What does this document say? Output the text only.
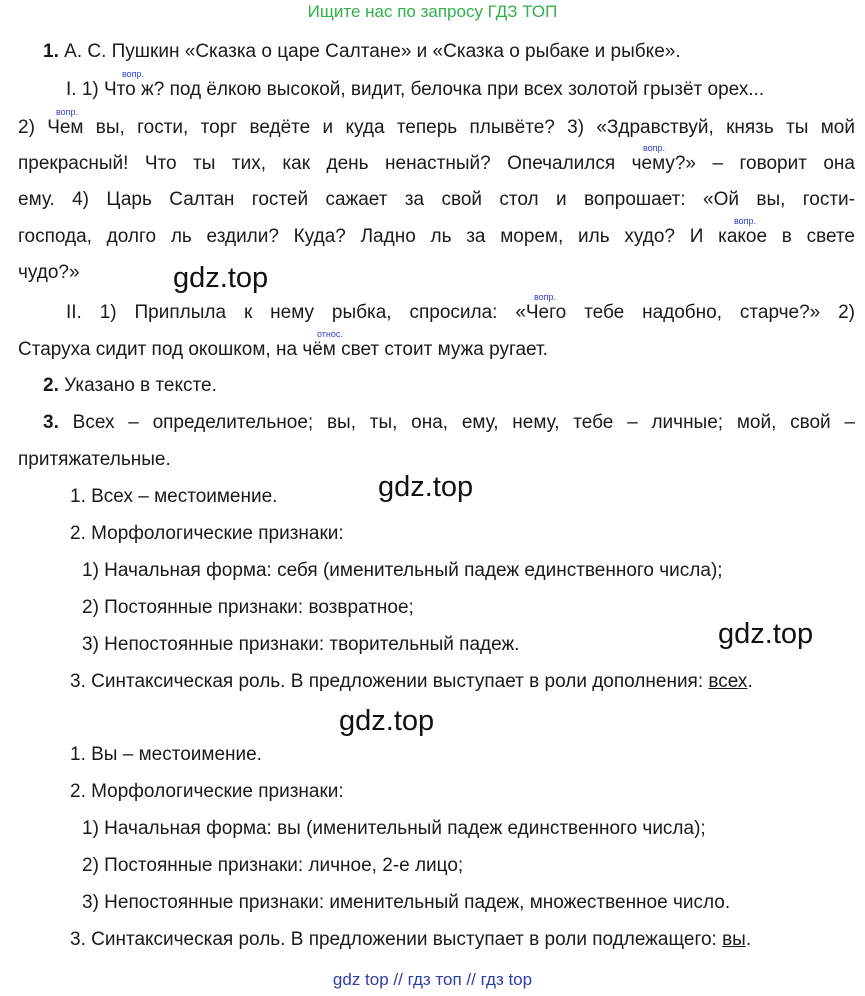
Ищите нас по запросу ГДЗ ТОП
1. А. С. Пушкин «Сказка о царе Салтане» и «Сказка о рыбаке и рыбке».
вопр.
I. 1) Что ж? под ёлкою высокой, видит, белочка при всех золотой грызёт орех...
вопр.
2) Чем вы, гости, торг ведёте и куда теперь плывёте? 3) «Здравствуй, князь ты мой
вопр.
прекрасный! Что ты тих, как день ненастный? Опечалился чему?» – говорит она
ему. 4) Царь Салтан гостей сажает за свой стол и вопрошает: «Ой вы, гости-
вопр.
господа, долго ль ездили? Куда? Ладно ль за морем, иль худо? И какое в свете
чудо?»	gdz.top
вопр.
II. 1) Приплыла к нему рыбка, спросила: «Чего тебе надобно, старче?» 2)
относ.
Старуха сидит под окошком, на чём свет стоит мужа ругает.
2. Указано в тексте.
3. Всех – определительное; вы, ты, она, ему, нему, тебе – личные; мой, свой –
притяжательные.
1. Всех – местоимение.	gdz.top
2. Морфологические признаки:
1) Начальная форма: себя (именительный падеж единственного числа);
2) Постоянные признаки: возвратное;
3) Непостоянные признаки: творительный падеж.	gdz.top
3. Синтаксическая роль. В предложении выступает в роли дополнения: всех.
gdz.top
1. Вы – местоимение.
2. Морфологические признаки:
1) Начальная форма: вы (именительный падеж единственного числа);
2) Постоянные признаки: личное, 2-е лицо;
3) Непостоянные признаки: именительный падеж, множественное число.
3. Синтаксическая роль. В предложении выступает в роли подлежащего: вы.
gdz top // гдз топ // гдз top
